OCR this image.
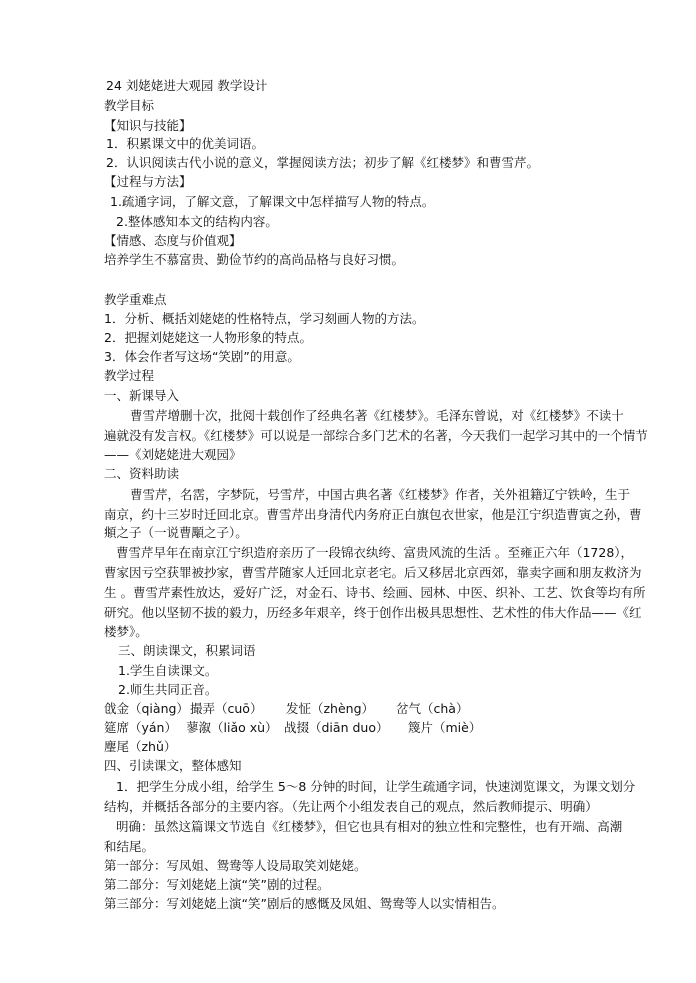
24 刘姥姥进大观园 教学设计
教学目标
【知识与技能】
1．积累课文中的优美词语。
2．认识阅读古代小说的意义，掌握阅读方法；初步了解《红楼梦》和曹雪芹。
【过程与方法】
1.疏通字词，了解文意，了解课文中怎样描写人物的特点。
2.整体感知本文的结构内容。
【情感、态度与价值观】
培养学生不慕富贵、勤俭节约的高尚品格与良好习惯。
教学重难点
1．分析、概括刘姥姥的性格特点，学习刻画人物的方法。
2．把握刘姥姥这一人物形象的特点。
3．体会作者写这场“笑剧”的用意。
教学过程
一、新课导入
曹雪芹增删十次，批阅十载创作了经典名著《红楼梦》。毛泽东曾说，对《红楼梦》不读十
遍就没有发言权。《红楼梦》可以说是一部综合多门艺术的名著，今天我们一起学习其中的一个情节
——《刘姥姥进大观园》
二、资料助读
曹雪芹，名霑，字梦阮，号雪芹，中国古典名著《红楼梦》作者，关外祖籍辽宁铁岭，生于
南京，约十三岁时迁回北京。曹雪芹出身清代内务府正白旗包衣世家，他是江宁织造曹寅之孙，曹
頫之子（一说曹顒之子）。
曹雪芹早年在南京江宁织造府亲历了一段锦衣纨绔、富贵风流的生活 。至雍正六年（1728），
曹家因亏空获罪被抄家，曹雪芹随家人迁回北京老宅。后又移居北京西郊，靠卖字画和朋友救济为
生 。曹雪芹素性放达，爱好广泛，对金石、诗书、绘画、园林、中医、织补、工艺、饮食等均有所
研究。他以坚韧不拔的毅力，历经多年艰辛，终于创作出极具思想性、艺术性的伟大作品——《红
楼梦》。
三、朗读课文，积累词语
1.学生自读课文。
2.师生共同正音。
戗金（qiàng） 撮弄（cuō） 发怔（zhèng） 岔气（chà）
筵席（yán） 蓼溆（liǎo xù） 战掇（diān duo） 篾片（miè）
麈尾（zhǔ）
四、引读课文，整体感知
1．把学生分成小组，给学生 5～8 分钟的时间，让学生疏通字词，快速浏览课文，为课文划分
结构，并概括各部分的主要内容。（先让两个小组发表自己的观点，然后教师提示、明确）
明确：虽然这篇课文节选自《红楼梦》，但它也具有相对的独立性和完整性，也有开端、高潮
和结尾。
第一部分：写凤姐、鸳鸯等人设局取笑刘姥姥。
第二部分：写刘姥姥上演“笑”剧的过程。
第三部分：写刘姥姥上演“笑”剧后的感慨及凤姐、鸳鸯等人以实情相告。
